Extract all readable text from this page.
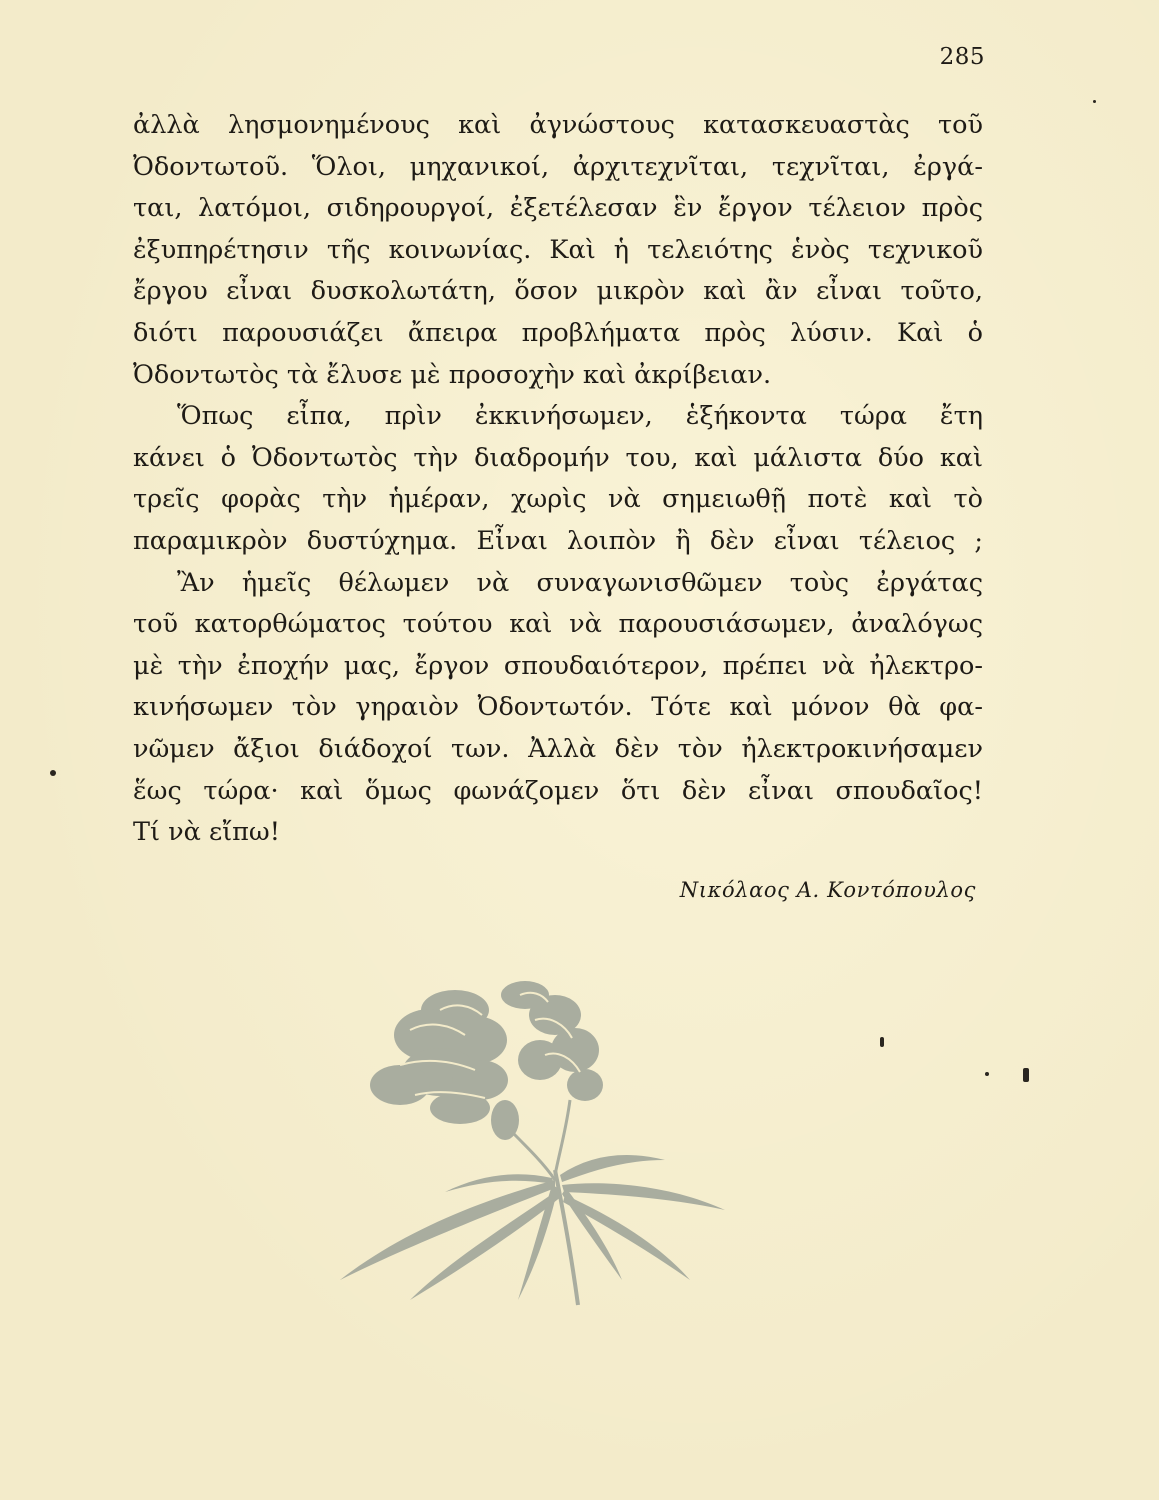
285
ἀλλὰ λησμονημένους καὶ ἀγνώστους κατασκευαστὰς τοῦ
Ὀδοντωτοῦ. Ὅλοι, μηχανικοί, ἀρχιτεχνῖται, τεχνῖται, ἐργά-
ται, λατόμοι, σιδηρουργοί, ἐξετέλεσαν ἓν ἔργον τέλειον πρὸς
ἐξυπηρέτησιν τῆς κοινωνίας. Καὶ ἡ τελειότης ἑνὸς τεχνικοῦ
ἔργου εἶναι δυσκολωτάτη, ὅσον μικρὸν καὶ ἂν εἶναι τοῦτο,
διότι παρουσιάζει ἄπειρα προβλήματα πρὸς λύσιν. Καὶ ὁ
Ὀδοντωτὸς τὰ ἔλυσε μὲ προσοχὴν καὶ ἀκρίβειαν.
Ὅπως εἶπα, πρὶν ἐκκινήσωμεν, ἑξήκοντα τώρα ἔτη
κάνει ὁ Ὀδοντωτὸς τὴν διαδρομήν του, καὶ μάλιστα δύο καὶ
τρεῖς φορὰς τὴν ἡμέραν, χωρὶς νὰ σημειωθῇ ποτὲ καὶ τὸ
παραμικρὸν δυστύχημα. Εἶναι λοιπὸν ἢ δὲν εἶναι τέλειος ;
Ἂν ἡμεῖς θέλωμεν νὰ συναγωνισθῶμεν τοὺς ἐργάτας
τοῦ κατορθώματος τούτου καὶ νὰ παρουσιάσωμεν, ἀναλόγως
μὲ τὴν ἐποχήν μας, ἔργον σπουδαιότερον, πρέπει νὰ ἠλεκτρο-
κινήσωμεν τὸν γηραιὸν Ὀδοντωτόν. Τότε καὶ μόνον θὰ φα-
νῶμεν ἄξιοι διάδοχοί των. Ἀλλὰ δὲν τὸν ἠλεκτροκινήσαμεν
ἕως τώρα· καὶ ὅμως φωνάζομεν ὅτι δὲν εἶναι σπουδαῖος!
Τί νὰ εἴπω!
Νικόλαος Α. Κοντόπουλος
